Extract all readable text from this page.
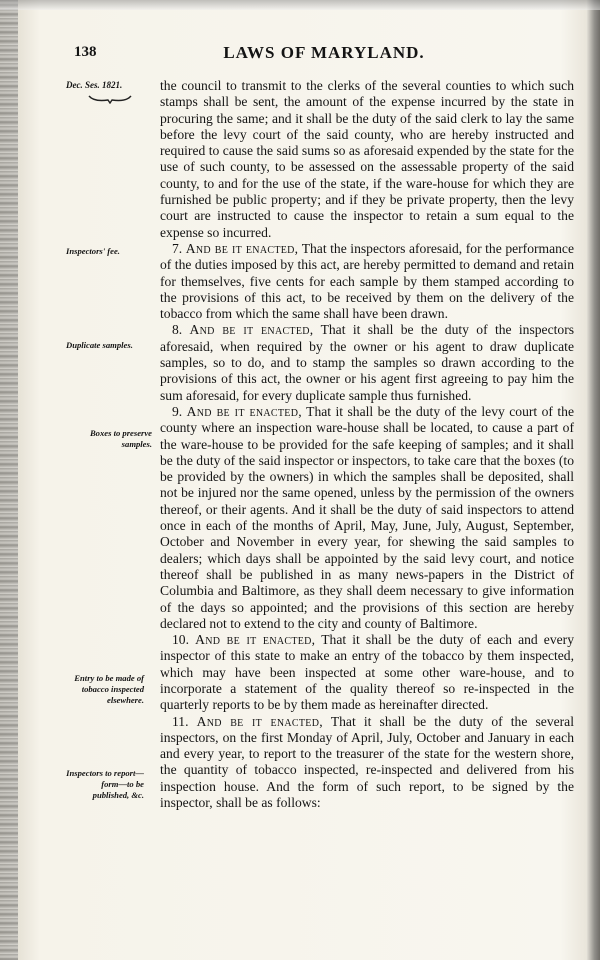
138	LAWS OF MARYLAND.
Dec. Ses. 1821.
Inspectors' fee.
Duplicate samples.
Boxes to preserve samples.
Entry to be made of tobacco inspected elsewhere.
Inspectors to report—form—to be published, &c.

the council to transmit to the clerks of the several counties to which such stamps shall be sent, the amount of the expense incurred by the state in procuring the same; and it shall be the duty of the said clerk to lay the same before the levy court of the said county, who are hereby instructed and required to cause the said sums so as aforesaid expended by the state for the use of such county, to be assessed on the assessable property of the said county, to and for the use of the state, if the ware-house for which they are furnished be public property; and if they be private property, then the levy court are instructed to cause the inspector to retain a sum equal to the expense so incurred.

7. And be it enacted, That the inspectors aforesaid, for the performance of the duties imposed by this act, are hereby permitted to demand and retain for themselves, five cents for each sample by them stamped according to the provisions of this act, to be received by them on the delivery of the tobacco from which the same shall have been drawn.

8. And be it enacted, That it shall be the duty of the inspectors aforesaid, when required by the owner or his agent to draw duplicate samples, so to do, and to stamp the samples so drawn according to the provisions of this act, the owner or his agent first agreeing to pay him the sum aforesaid, for every duplicate sample thus furnished.

9. And be it enacted, That it shall be the duty of the levy court of the county where an inspection ware-house shall be located, to cause a part of the ware-house to be provided for the safe keeping of samples; and it shall be the duty of the said inspector or inspectors, to take care that the boxes (to be provided by the owners) in which the samples shall be deposited, shall not be injured nor the same opened, unless by the permission of the owners thereof, or their agents. And it shall be the duty of said inspectors to attend once in each of the months of April, May, June, July, August, September, October and November in every year, for shewing the said samples to dealers; which days shall be appointed by the said levy court, and notice thereof shall be published in as many news-papers in the District of Columbia and Baltimore, as they shall deem necessary to give information of the days so appointed; and the provisions of this section are hereby declared not to extend to the city and county of Baltimore.

10. And be it enacted, That it shall be the duty of each and every inspector of this state to make an entry of the tobacco by them inspected, which may have been inspected at some other ware-house, and to incorporate a statement of the quality thereof so re-inspected in the quarterly reports to be by them made as hereinafter directed.

11. And be it enacted, That it shall be the duty of the several inspectors, on the first Monday of April, July, October and January in each and every year, to report to the treasurer of the state for the western shore, the quantity of tobacco inspected, re-inspected and delivered from his inspection house. And the form of such report, to be signed by the inspector, shall be as follows:
